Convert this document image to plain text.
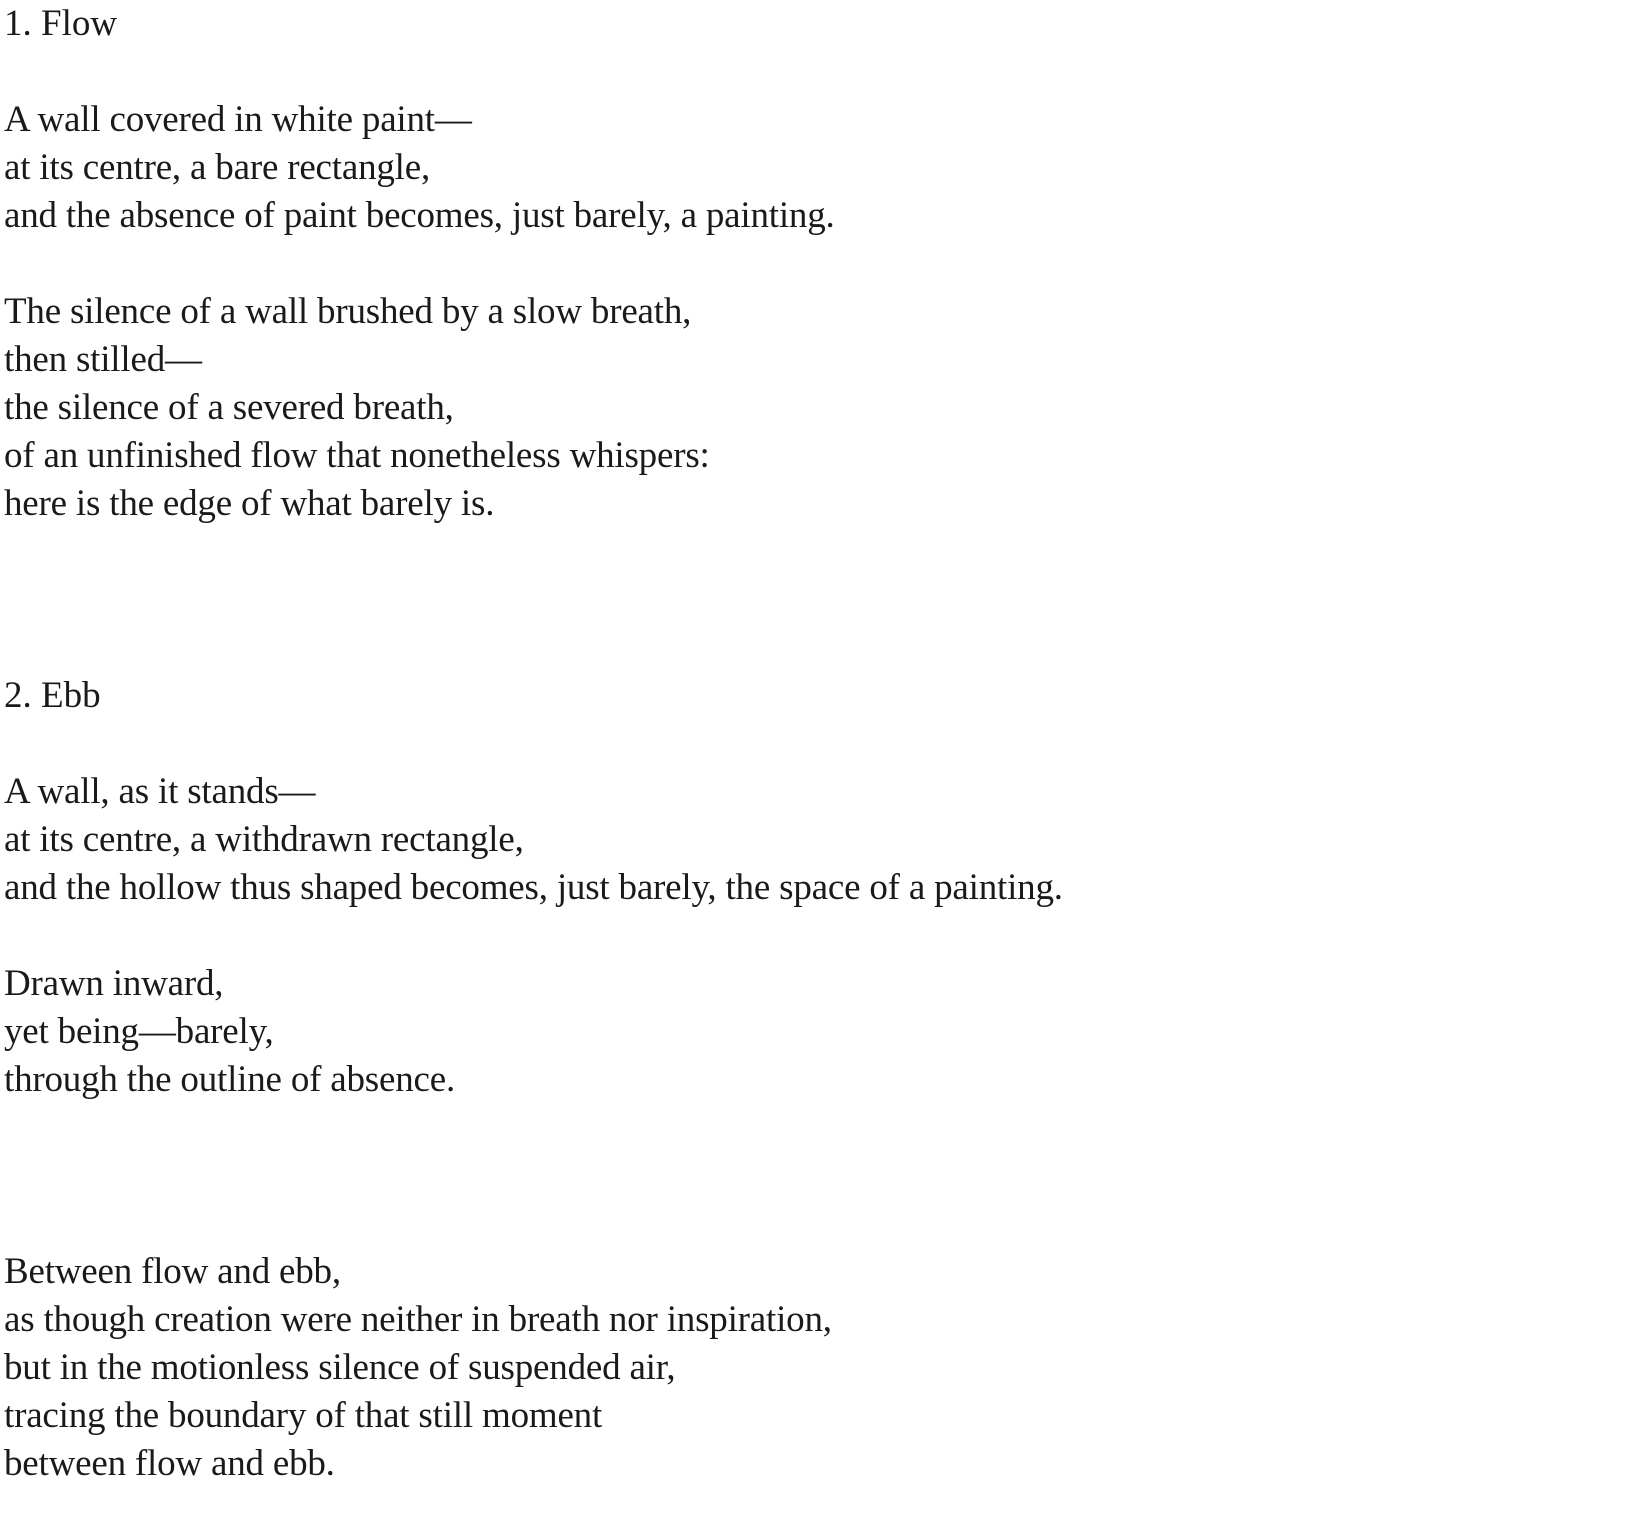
1. Flow
A wall covered in white paint—
at its centre, a bare rectangle,
and the absence of paint becomes, just barely, a painting.
The silence of a wall brushed by a slow breath,
then stilled—
the silence of a severed breath,
of an unfinished flow that nonetheless whispers:
here is the edge of what barely is.
2. Ebb
A wall, as it stands—
at its centre, a withdrawn rectangle,
and the hollow thus shaped becomes, just barely, the space of a painting.
Drawn inward,
yet being—barely,
through the outline of absence.
Between flow and ebb,
as though creation were neither in breath nor inspiration,
but in the motionless silence of suspended air,
tracing the boundary of that still moment
between flow and ebb.
